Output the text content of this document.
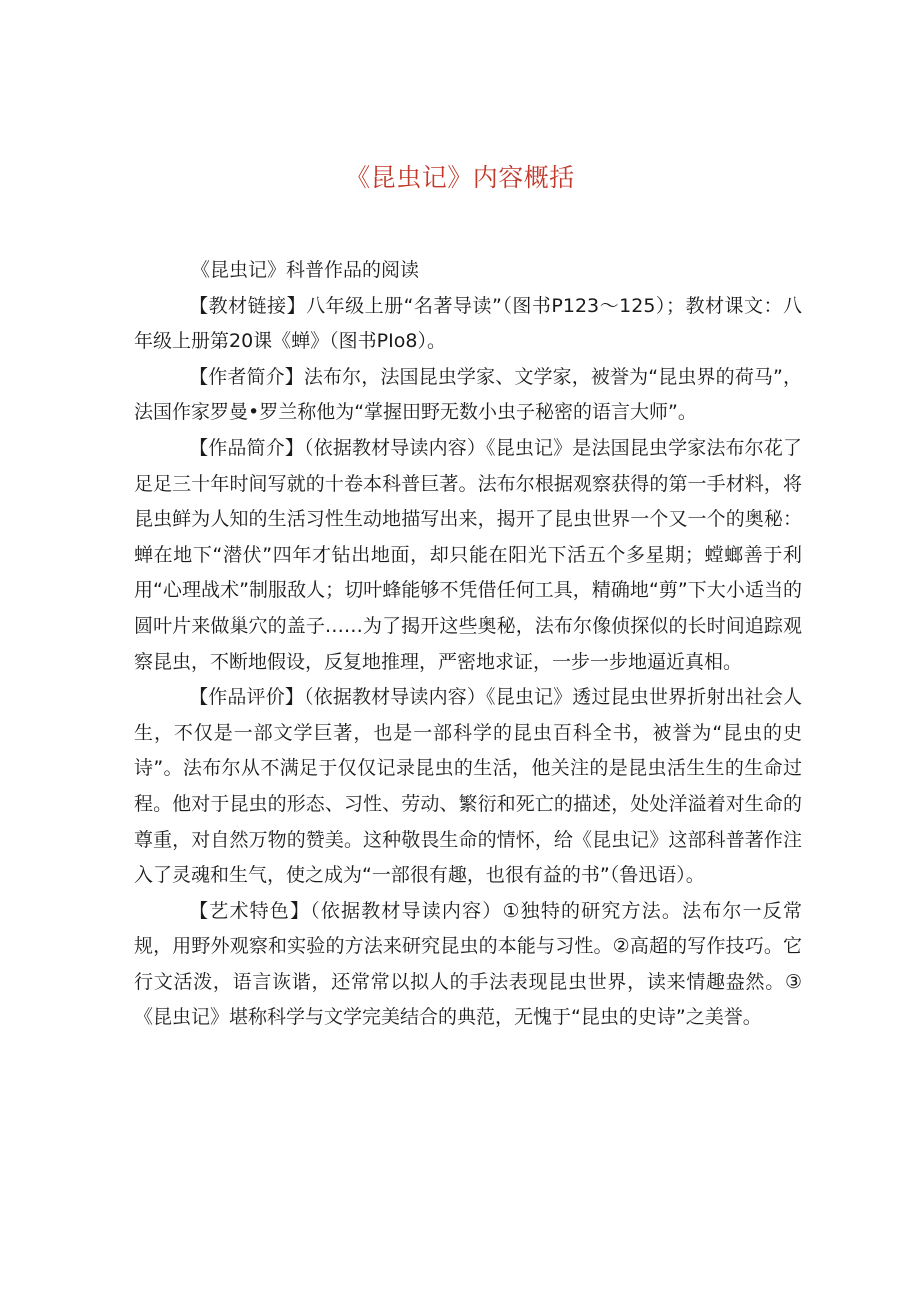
《昆虫记》内容概括

《昆虫记》科普作品的阅读

【教材链接】八年级上册“名著导读”（图书P123～125）；教材课文：八年级上册第20课《蝉》（图书PIo8）。

【作者简介】法布尔，法国昆虫学家、文学家，被誉为“昆虫界的荷马”，法国作家罗曼•罗兰称他为“掌握田野无数小虫子秘密的语言大师”。

【作品简介】（依据教材导读内容）《昆虫记》是法国昆虫学家法布尔花了足足三十年时间写就的十卷本科普巨著。法布尔根据观察获得的第一手材料，将昆虫鲜为人知的生活习性生动地描写出来，揭开了昆虫世界一个又一个的奥秘：蝉在地下“潜伏”四年才钻出地面，却只能在阳光下活五个多星期；螳螂善于利用“心理战术”制服敌人；切叶蜂能够不凭借任何工具，精确地“剪”下大小适当的圆叶片来做巢穴的盖子……为了揭开这些奥秘，法布尔像侦探似的长时间追踪观察昆虫，不断地假设，反复地推理，严密地求证，一步一步地逼近真相。

【作品评价】（依据教材导读内容）《昆虫记》透过昆虫世界折射出社会人生，不仅是一部文学巨著，也是一部科学的昆虫百科全书，被誉为“昆虫的史诗”。法布尔从不满足于仅仅记录昆虫的生活，他关注的是昆虫活生生的生命过程。他对于昆虫的形态、习性、劳动、繁衍和死亡的描述，处处洋溢着对生命的尊重，对自然万物的赞美。这种敬畏生命的情怀，给《昆虫记》这部科普著作注入了灵魂和生气，使之成为“一部很有趣，也很有益的书”（鲁迅语）。

【艺术特色】（依据教材导读内容）①独特的研究方法。法布尔一反常规，用野外观察和实验的方法来研究昆虫的本能与习性。②高超的写作技巧。它行文活泼，语言诙谐，还常常以拟人的手法表现昆虫世界，读来情趣盎然。③《昆虫记》堪称科学与文学完美结合的典范，无愧于“昆虫的史诗”之美誉。
